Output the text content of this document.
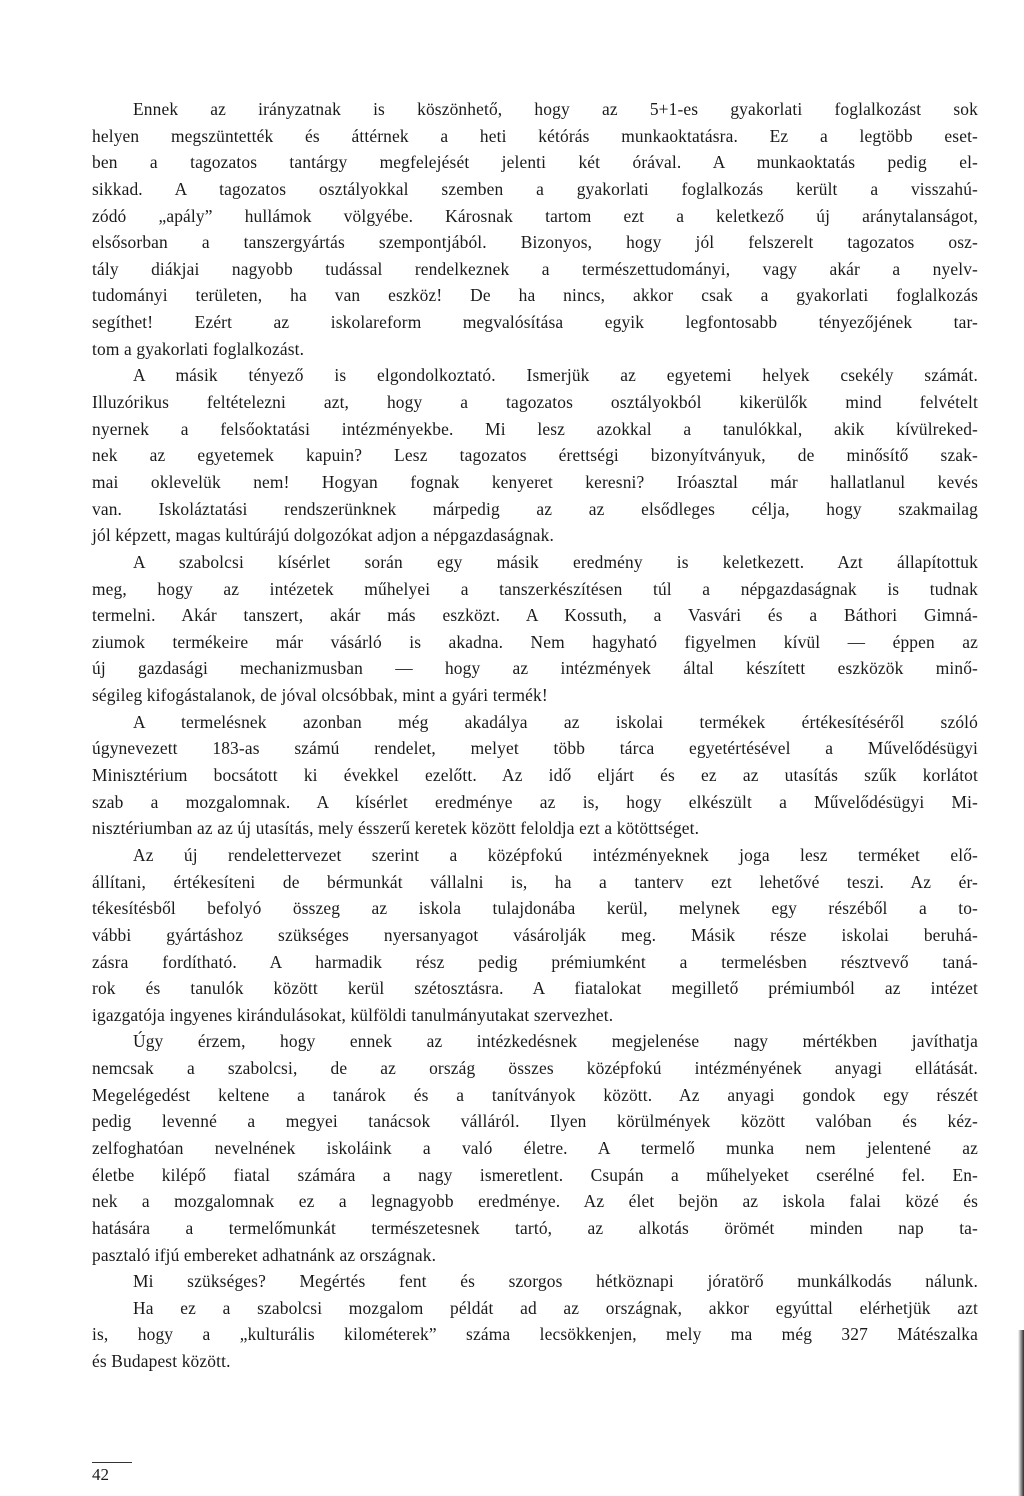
Ennek az irányzatnak is köszönhető, hogy az 5+1-es gyakorlati foglalkozást sok
helyen megszüntették és áttérnek a heti kétórás munkaoktatásra. Ez a legtöbb eset-
ben a tagozatos tantárgy megfelejését jelenti két órával. A munkaoktatás pedig el-
sikkad. A tagozatos osztályokkal szemben a gyakorlati foglalkozás került a visszahú-
zódó „apály” hullámok völgyébe. Károsnak tartom ezt a keletkező új aránytalanságot,
elsősorban a tanszergyártás szempontjából. Bizonyos, hogy jól felszerelt tagozatos osz-
tály diákjai nagyobb tudással rendelkeznek a természettudományi, vagy akár a nyelv-
tudományi területen, ha van eszköz! De ha nincs, akkor csak a gyakorlati foglalkozás
segíthet! Ezért az iskolareform megvalósítása egyik legfontosabb tényezőjének tar-
tom a gyakorlati foglalkozást.
A másik tényező is elgondolkoztató. Ismerjük az egyetemi helyek csekély számát.
Illuzórikus feltételezni azt, hogy a tagozatos osztályokból kikerülők mind felvételt
nyernek a felsőoktatási intézményekbe. Mi lesz azokkal a tanulókkal, akik kívülreked-
nek az egyetemek kapuin? Lesz tagozatos érettségi bizonyítványuk, de minősítő szak-
mai oklevelük nem! Hogyan fognak kenyeret keresni? Iróasztal már hallatlanul kevés
van. Iskoláztatási rendszerünknek márpedig az az elsődleges célja, hogy szakmailag
jól képzett, magas kultúrájú dolgozókat adjon a népgazdaságnak.
A szabolcsi kísérlet során egy másik eredmény is keletkezett. Azt állapítottuk
meg, hogy az intézetek műhelyei a tanszerkészítésen túl a népgazdaságnak is tudnak
termelni. Akár tanszert, akár más eszközt. A Kossuth, a Vasvári és a Báthori Gimná-
ziumok termékeire már vásárló is akadna. Nem hagyható figyelmen kívül — éppen az
új gazdasági mechanizmusban — hogy az intézmények által készített eszközök minő-
ségileg kifogástalanok, de jóval olcsóbbak, mint a gyári termék!
A termelésnek azonban még akadálya az iskolai termékek értékesítéséről szóló
úgynevezett 183-as számú rendelet, melyet több tárca egyetértésével a Művelődésügyi
Minisztérium bocsátott ki évekkel ezelőtt. Az idő eljárt és ez az utasítás szűk korlátot
szab a mozgalomnak. A kísérlet eredménye az is, hogy elkészült a Művelődésügyi Mi-
nisztériumban az az új utasítás, mely ésszerű keretek között feloldja ezt a kötöttséget.
Az új rendelettervezet szerint a középfokú intézményeknek joga lesz terméket elő-
állítani, értékesíteni de bérmunkát vállalni is, ha a tanterv ezt lehetővé teszi. Az ér-
tékesítésből befolyó összeg az iskola tulajdonába kerül, melynek egy részéből a to-
vábbi gyártáshoz szükséges nyersanyagot vásárolják meg. Másik része iskolai beruhá-
zásra fordítható. A harmadik rész pedig prémiumként a termelésben résztvevő taná-
rok és tanulók között kerül szétosztásra. A fiatalokat megillető prémiumból az intézet
igazgatója ingyenes kirándulásokat, külföldi tanulmányutakat szervezhet.
Úgy érzem, hogy ennek az intézkedésnek megjelenése nagy mértékben javíthatja
nemcsak a szabolcsi, de az ország összes középfokú intézményének anyagi ellátását.
Megelégedést keltene a tanárok és a tanítványok között. Az anyagi gondok egy részét
pedig levenné a megyei tanácsok válláról. Ilyen körülmények között valóban és kéz-
zelfoghatóan nevelnének iskoláink a való életre. A termelő munka nem jelentené az
életbe kilépő fiatal számára a nagy ismeretlent. Csupán a műhelyeket cserélné fel. En-
nek a mozgalomnak ez a legnagyobb eredménye. Az élet bejön az iskola falai közé és
hatására a termelőmunkát természetesnek tartó, az alkotás örömét minden nap ta-
pasztaló ifjú embereket adhatnánk az országnak.
Mi szükséges? Megértés fent és szorgos hétköznapi jóratörő munkálkodás nálunk.
Ha ez a szabolcsi mozgalom példát ad az országnak, akkor egyúttal elérhetjük azt
is, hogy a „kulturális kilométerek” száma lecsökkenjen, mely ma még 327 Mátészalka
és Budapest között.
42
